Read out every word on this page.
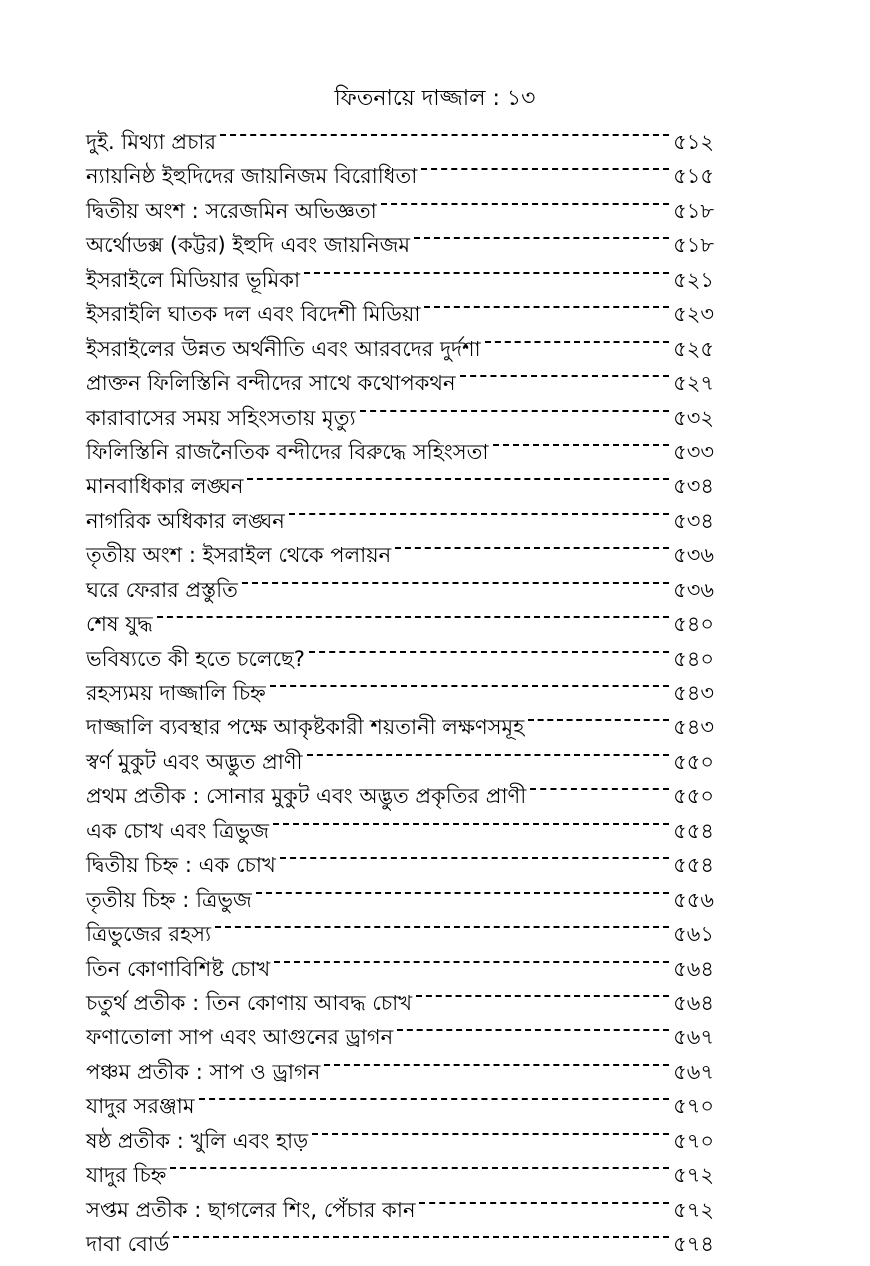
ফিতনায়ে দাজ্জাল : ১৩
দুই. মিথ্যা প্রচার	৫১২
ন্যায়নিষ্ঠ ইহুদিদের জায়নিজম বিরোধিতা	৫১৫
দ্বিতীয় অংশ : সরেজমিন অভিজ্ঞতা	৫১৮
অর্থোডক্স (কট্টর) ইহুদি এবং জায়নিজম	৫১৮
ইসরাইলে মিডিয়ার ভূমিকা	৫২১
ইসরাইলি ঘাতক দল এবং বিদেশী মিডিয়া	৫২৩
ইসরাইলের উন্নত অর্থনীতি এবং আরবদের দুর্দশা	৫২৫
প্রাক্তন ফিলিস্তিনি বন্দীদের সাথে কথোপকথন	৫২৭
কারাবাসের সময় সহিংসতায় মৃত্যু	৫৩২
ফিলিস্তিনি রাজনৈতিক বন্দীদের বিরুদ্ধে সহিংসতা	৫৩৩
মানবাধিকার লঙ্ঘন	৫৩৪
নাগরিক অধিকার লঙ্ঘন	৫৩৪
তৃতীয় অংশ : ইসরাইল থেকে পলায়ন	৫৩৬
ঘরে ফেরার প্রস্তুতি	৫৩৬
শেষ যুদ্ধ	৫৪০
ভবিষ্যতে কী হতে চলেছে?	৫৪০
রহস্যময় দাজ্জালি চিহ্ন	৫৪৩
দাজ্জালি ব্যবস্থার পক্ষে আকৃষ্টকারী শয়তানী লক্ষণসমূহ	৫৪৩
স্বর্ণ মুকুট এবং অদ্ভুত প্রাণী	৫৫০
প্রথম প্রতীক : সোনার মুকুট এবং অদ্ভুত প্রকৃতির প্রাণী	৫৫০
এক চোখ এবং ত্রিভুজ	৫৫৪
দ্বিতীয় চিহ্ন : এক চোখ	৫৫৪
তৃতীয় চিহ্ন : ত্রিভুজ	৫৫৬
ত্রিভুজের রহস্য	৫৬১
তিন কোণাবিশিষ্ট চোখ	৫৬৪
চতুর্থ প্রতীক : তিন কোণায় আবদ্ধ চোখ	৫৬৪
ফণাতোলা সাপ এবং আগুনের ড্রাগন	৫৬৭
পঞ্চম প্রতীক : সাপ ও ড্রাগন	৫৬৭
যাদুর সরঞ্জাম	৫৭০
ষষ্ঠ প্রতীক : খুলি এবং হাড়	৫৭০
যাদুর চিহ্ন	৫৭২
সপ্তম প্রতীক : ছাগলের শিং, পেঁচার কান	৫৭২
দাবা বোর্ড	৫৭৪
